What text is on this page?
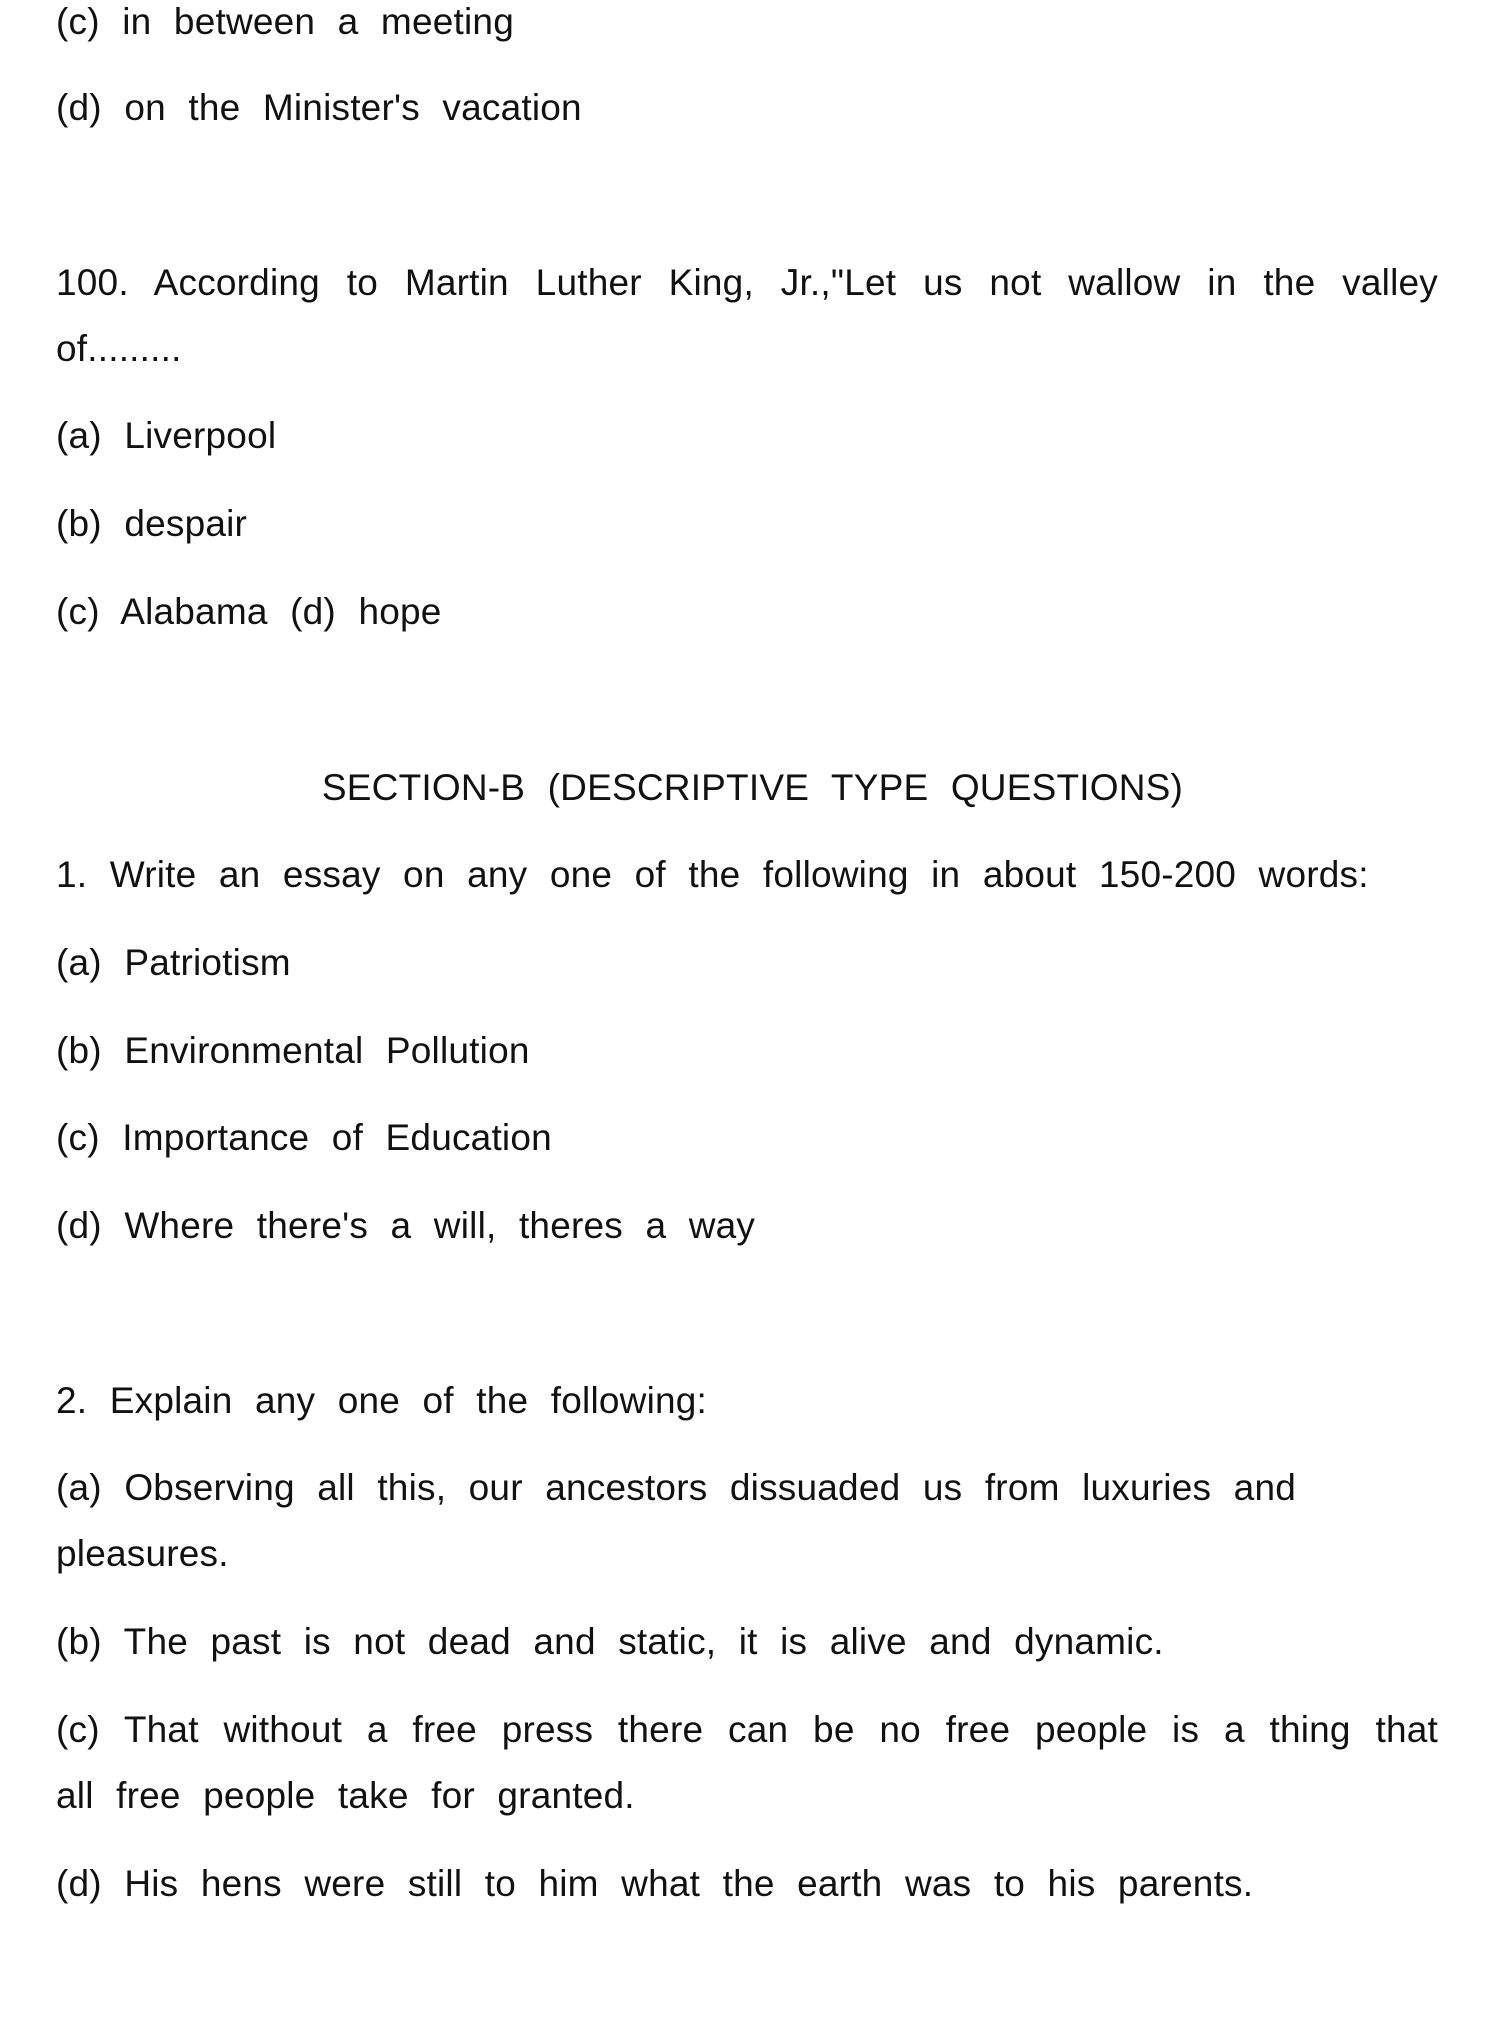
(c) in between a meeting
(d) on the Minister's vacation
100. According to Martin Luther King, Jr.,"Let us not wallow in the valley
of.........
(a) Liverpool
(b) despair
(c) Alabama (d) hope
SECTION-B (DESCRIPTIVE TYPE QUESTIONS)
1. Write an essay on any one of the following in about 150-200 words:
(a) Patriotism
(b) Environmental Pollution
(c) Importance of Education
(d) Where there's a will, theres a way
2. Explain any one of the following:
(a) Observing all this, our ancestors dissuaded us from luxuries and
pleasures.
(b) The past is not dead and static, it is alive and dynamic.
(c) That without a free press there can be no free people is a thing that
all free people take for granted.
(d) His hens were still to him what the earth was to his parents.
